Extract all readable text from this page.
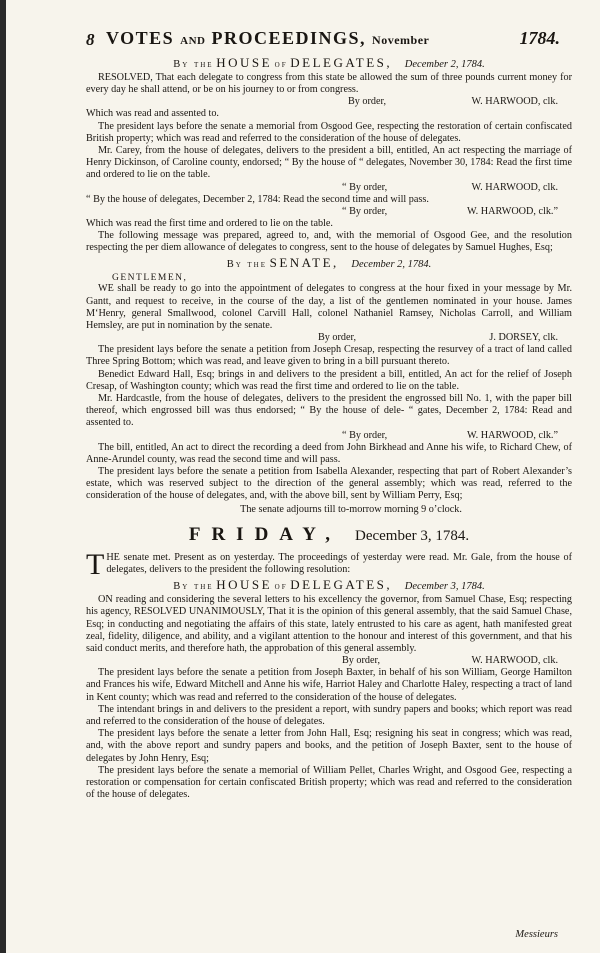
8 VOTES AND PROCEEDINGS, November	1784.
By the HOUSE of DELEGATES, December 2, 1784.

RESOLVED, That each delegate to congress from this state be allowed the sum of three pounds current money for every day he shall attend, or be on his journey to or from congress.

By order,	W. HARWOOD, clk.

Which was read and assented to.

The president lays before the senate a memorial from Osgood Gee, respecting the restoration of certain confiscated British property; which was read and referred to the consideration of the house of delegates.

Mr. Carey, from the house of delegates, delivers to the president a bill, entitled, An act respecting the marriage of Henry Dickinson, of Caroline county, endorsed; “ By the house of “ delegates, November 30, 1784: Read the first time and ordered to lie on the table.

“ By order,	W. HARWOOD, clk.

“ By the house of delegates, December 2, 1784: Read the second time and will pass.

“ By order,	W. HARWOOD, clk.”

Which was read the first time and ordered to lie on the table.

The following message was prepared, agreed to, and, with the memorial of Osgood Gee, and the resolution respecting the per diem allowance of delegates to congress, sent to the house of delegates by Samuel Hughes, Esq;

By the SENATE, December 2, 1784.
GENTLEMEN,

WE shall be ready to go into the appointment of delegates to congress at the hour fixed in your message by Mr. Gantt, and request to receive, in the course of the day, a list of the gentlemen nominated in your house. James M‘Henry, general Smallwood, colonel Carvill Hall, colonel Nathaniel Ramsey, Nicholas Carroll, and William Hemsley, are put in nomination by the senate.

By order,	J. DORSEY, clk.

The president lays before the senate a petition from Joseph Cresap, respecting the resurvey of a tract of land called Three Spring Bottom; which was read, and leave given to bring in a bill pursuant thereto.

Benedict Edward Hall, Esq; brings in and delivers to the president a bill, entitled, An act for the relief of Joseph Cresap, of Washington county; which was read the first time and ordered to lie on the table.

Mr. Hardcastle, from the house of delegates, delivers to the president the engrossed bill No. 1, with the paper bill thereof, which engrossed bill was thus endorsed; “ By the house of dele- “ gates, December 2, 1784: Read and assented to.

“ By order,	W. HARWOOD, clk.”

The bill, entitled, An act to direct the recording a deed from John Birkhead and Anne his wife, to Richard Chew, of Anne-Arundel county, was read the second time and will pass.

The president lays before the senate a petition from Isabella Alexander, respecting that part of Robert Alexander’s estate, which was reserved subject to the direction of the general assembly; which was read, referred to the consideration of the house of delegates, and, with the above bill, sent by William Perry, Esq;

The senate adjourns till to-morrow morning 9 o’clock.
FRIDAY, December 3, 1784.

THE senate met. Present as on yesterday. The proceedings of yesterday were read. Mr. Gale, from the house of delegates, delivers to the president the following resolution:

By the HOUSE of DELEGATES, December 3, 1784.

ON reading and considering the several letters to his excellency the governor, from Samuel Chase, Esq; respecting his agency, RESOLVED UNANIMOUSLY, That it is the opinion of this general assembly, that the said Samuel Chase, Esq; in conducting and negotiating the affairs of this state, lately entrusted to his care as agent, hath manifested great zeal, fidelity, diligence, and ability, and a vigilant attention to the honour and interest of this government, and that his said conduct merits, and therefore hath, the approbation of this general assembly.

By order,	W. HARWOOD, clk.

The president lays before the senate a petition from Joseph Baxter, in behalf of his son William, George Hamilton and Frances his wife, Edward Mitchell and Anne his wife, Harriot Haley and Charlotte Haley, respecting a tract of land in Kent county; which was read and referred to the consideration of the house of delegates.

The intendant brings in and delivers to the president a report, with sundry papers and books; which report was read and referred to the consideration of the house of delegates.

The president lays before the senate a letter from John Hall, Esq; resigning his seat in congress; which was read, and, with the above report and sundry papers and books, and the petition of Joseph Baxter, sent to the house of delegates by John Henry, Esq;

The president lays before the senate a memorial of William Pellet, Charles Wright, and Osgood Gee, respecting a restoration or compensation for certain confiscated British property; which was read and referred to the consideration of the house of delegates.

Messieurs
